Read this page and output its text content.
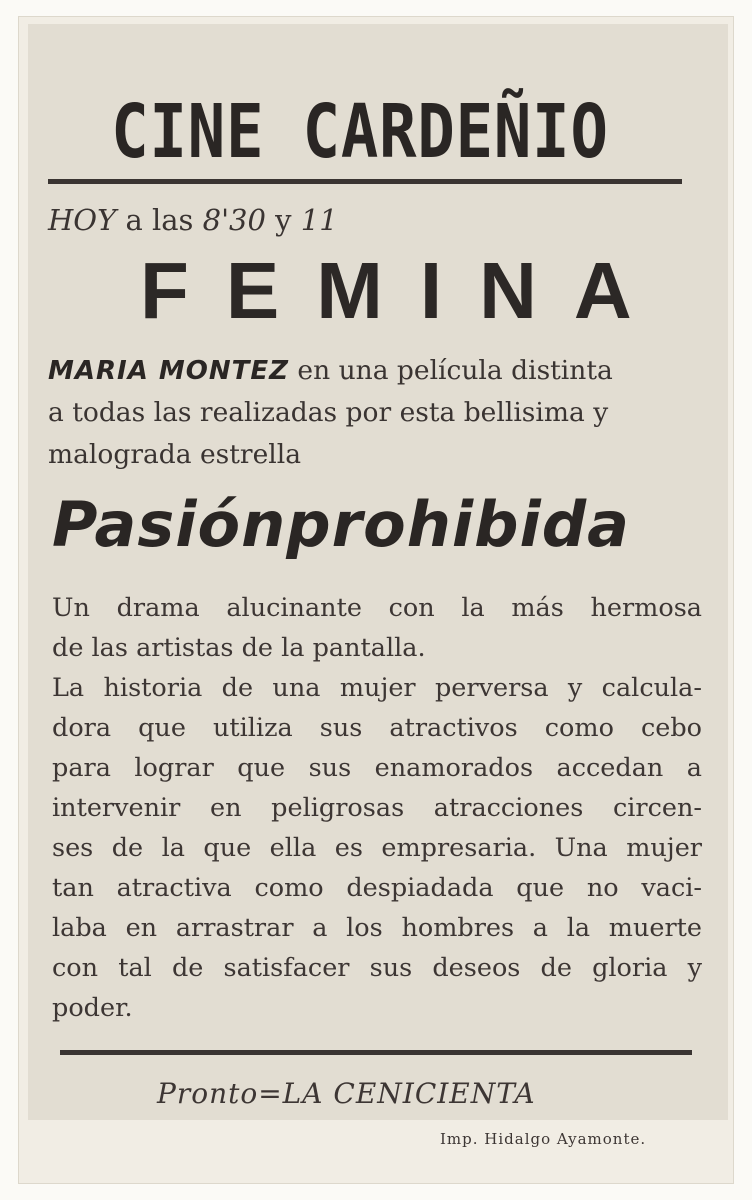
CINE CARDEÑIO
HOY a las 8'30 y 11
FEMINA

MARIA MONTEZ en una película distinta
a todas las realizadas por esta bellisima y
malograda estrella

Pasiónprohibida
Un drama alucinante con la más hermosa
de las artistas de la pantalla.
La historia de una mujer perversa y calcula-
dora que utiliza sus atractivos como cebo
para lograr que sus enamorados accedan a
intervenir en peligrosas atracciones circen-
ses de la que ella es empresaria. Una mujer
tan atractiva como despiadada que no vaci-
laba en arrastrar a los hombres a la muerte
con tal de satisfacer sus deseos de gloria y
poder.
Pronto=LA CENICIENTA
Imp. Hidalgo Ayamonte.
